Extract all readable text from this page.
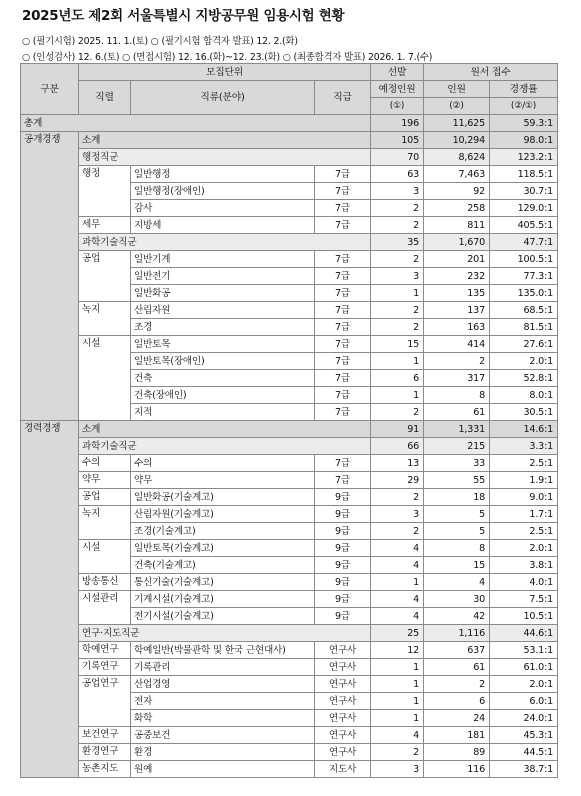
2025년도 제2회 서울특별시 지방공무원 임용시험 현황
○ (필기시험) 2025. 11. 1.(토) ○ (필기시험 합격자 발표) 12. 2.(화)
○ (인성검사) 12. 6.(토) ○ (면접시험) 12. 16.(화)~12. 23.(화) ○ (최종합격자 발표) 2026. 1. 7.(수)
구분	모집단위			선발	원서 접수	
	직렬	직류(분야)	직급	예정인원	인원	경쟁률
				(①)	(②)	(②/①)
총계				196	11,625	59.3:1
공개경쟁	소계			105	10,294	98.0:1
	행정직군			70	8,624	123.2:1
	행정	일반행정	7급	63	7,463	118.5:1
		일반행정(장애인)	7급	3	92	30.7:1
		감사	7급	2	258	129.0:1
	세무	지방세	7급	2	811	405.5:1
	과학기술직군			35	1,670	47.7:1
	공업	일반기계	7급	2	201	100.5:1
		일반전기	7급	3	232	77.3:1
		일반화공	7급	1	135	135.0:1
	녹지	산림자원	7급	2	137	68.5:1
		조경	7급	2	163	81.5:1
	시설	일반토목	7급	15	414	27.6:1
		일반토목(장애인)	7급	1	2	2.0:1
		건축	7급	6	317	52.8:1
		건축(장애인)	7급	1	8	8.0:1
		지적	7급	2	61	30.5:1
경력경쟁	소계			91	1,331	14.6:1
	과학기술직군			66	215	3.3:1
	수의	수의	7급	13	33	2.5:1
	약무	약무	7급	29	55	1.9:1
	공업	일반화공(기술계고)	9급	2	18	9.0:1
	녹지	산림자원(기술계고)	9급	3	5	1.7:1
		조경(기술계고)	9급	2	5	2.5:1
	시설	일반토목(기술계고)	9급	4	8	2.0:1
		건축(기술계고)	9급	4	15	3.8:1
	방송통신	통신기술(기술계고)	9급	1	4	4.0:1
	시설관리	기계시설(기술계고)	9급	4	30	7.5:1
		전기시설(기술계고)	9급	4	42	10.5:1
	연구·지도직군			25	1,116	44.6:1
	학예연구	학예일반(박물관학 및 한국 근현대사)	연구사	12	637	53.1:1
	기록연구	기록관리	연구사	1	61	61.0:1
	공업연구	산업경영	연구사	1	2	2.0:1
		전자	연구사	1	6	6.0:1
		화학	연구사	1	24	24.0:1
	보건연구	공중보건	연구사	4	181	45.3:1
	환경연구	환경	연구사	2	89	44.5:1
	농촌지도	원예	지도사	3	116	38.7:1
